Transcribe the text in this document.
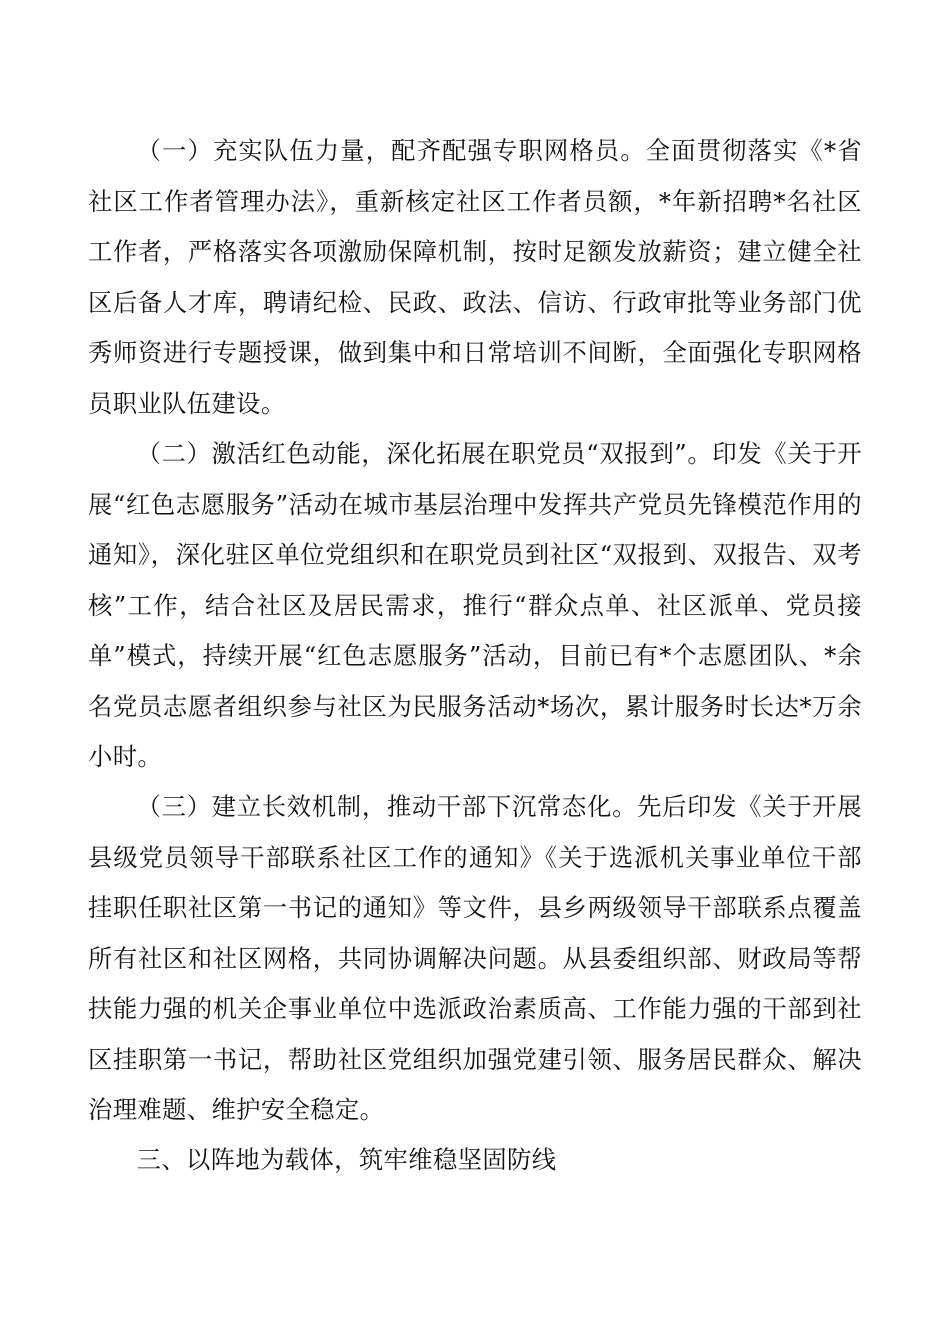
（一）充实队伍力量，配齐配强专职网格员。全面贯彻落实《*省社区工作者管理办法》，重新核定社区工作者员额，*年新招聘*名社区工作者，严格落实各项激励保障机制，按时足额发放薪资；建立健全社区后备人才库，聘请纪检、民政、政法、信访、行政审批等业务部门优秀师资进行专题授课，做到集中和日常培训不间断，全面强化专职网格员职业队伍建设。

（二）激活红色动能，深化拓展在职党员“双报到”。印发《关于开展“红色志愿服务”活动在城市基层治理中发挥共产党员先锋模范作用的通知》，深化驻区单位党组织和在职党员到社区“双报到、双报告、双考核”工作，结合社区及居民需求，推行“群众点单、社区派单、党员接单”模式，持续开展“红色志愿服务”活动，目前已有*个志愿团队、*余名党员志愿者组织参与社区为民服务活动*场次，累计服务时长达*万余小时。

（三）建立长效机制，推动干部下沉常态化。先后印发《关于开展县级党员领导干部联系社区工作的通知》《关于选派机关事业单位干部挂职任职社区第一书记的通知》等文件，县乡两级领导干部联系点覆盖所有社区和社区网格，共同协调解决问题。从县委组织部、财政局等帮扶能力强的机关企事业单位中选派政治素质高、工作能力强的干部到社区挂职第一书记，帮助社区党组织加强党建引领、服务居民群众、解决治理难题、维护安全稳定。

三、以阵地为载体，筑牢维稳坚固防线
